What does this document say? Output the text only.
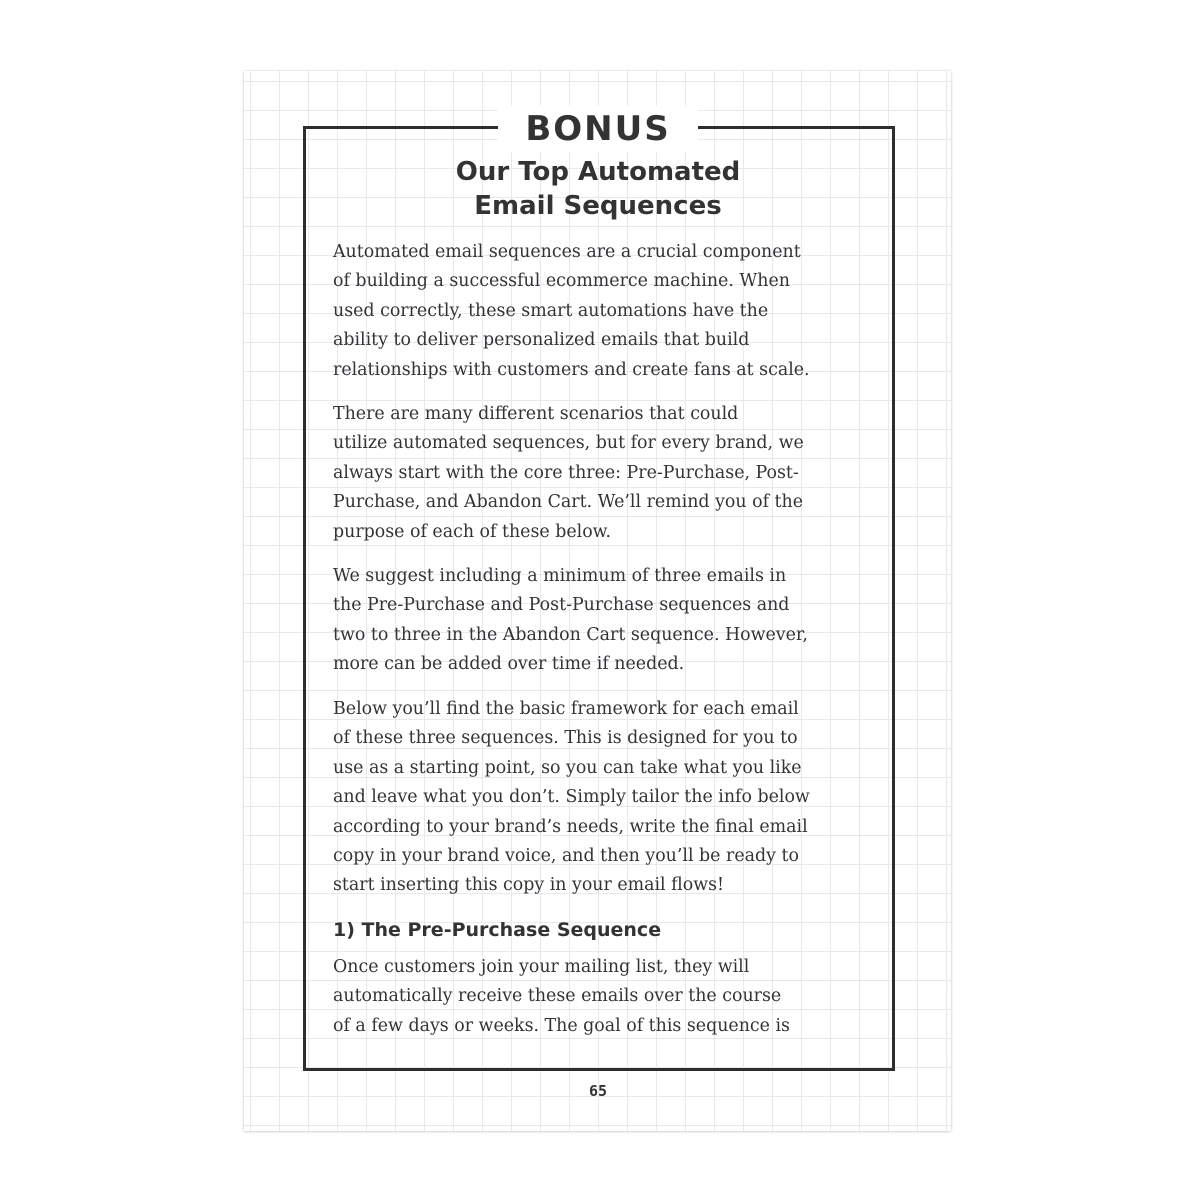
BONUS
Our Top Automated
Email Sequences

Automated email sequences are a crucial component
of building a successful ecommerce machine. When
used correctly, these smart automations have the
ability to deliver personalized emails that build
relationships with customers and create fans at scale.

There are many different scenarios that could
utilize automated sequences, but for every brand, we
always start with the core three: Pre-Purchase, Post-
Purchase, and Abandon Cart. We’ll remind you of the
purpose of each of these below.

We suggest including a minimum of three emails in
the Pre-Purchase and Post-Purchase sequences and
two to three in the Abandon Cart sequence. However,
more can be added over time if needed.

Below you’ll find the basic framework for each email
of these three sequences. This is designed for you to
use as a starting point, so you can take what you like
and leave what you don’t. Simply tailor the info below
according to your brand’s needs, write the final email
copy in your brand voice, and then you’ll be ready to
start inserting this copy in your email flows!

1) The Pre-Purchase Sequence

Once customers join your mailing list, they will
automatically receive these emails over the course
of a few days or weeks. The goal of this sequence is

65
